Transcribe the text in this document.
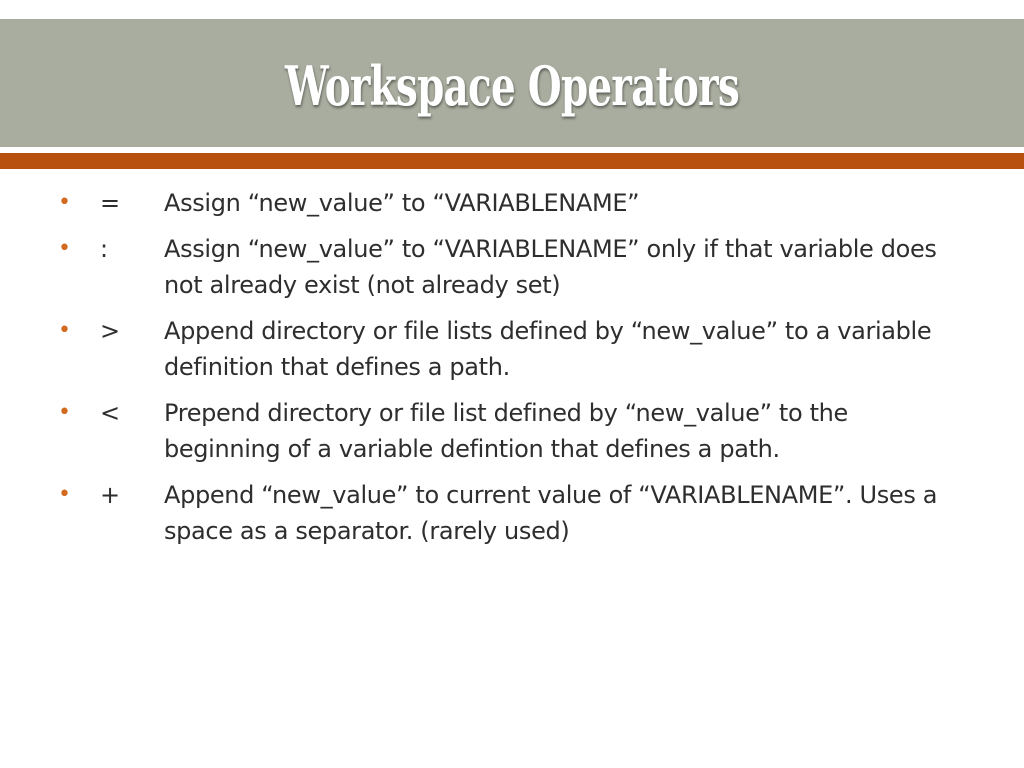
Workspace Operators
• = Assign “new_value” to “VARIABLENAME”
• : Assign “new_value” to “VARIABLENAME” only if that variable does not already exist (not already set)
• > Append directory or file lists defined by “new_value” to a variable definition that defines a path.
• < Prepend directory or file list defined by “new_value” to the beginning of a variable defintion that defines a path.
• + Append “new_value” to current value of “VARIABLENAME”. Uses a space as a separator. (rarely used)
